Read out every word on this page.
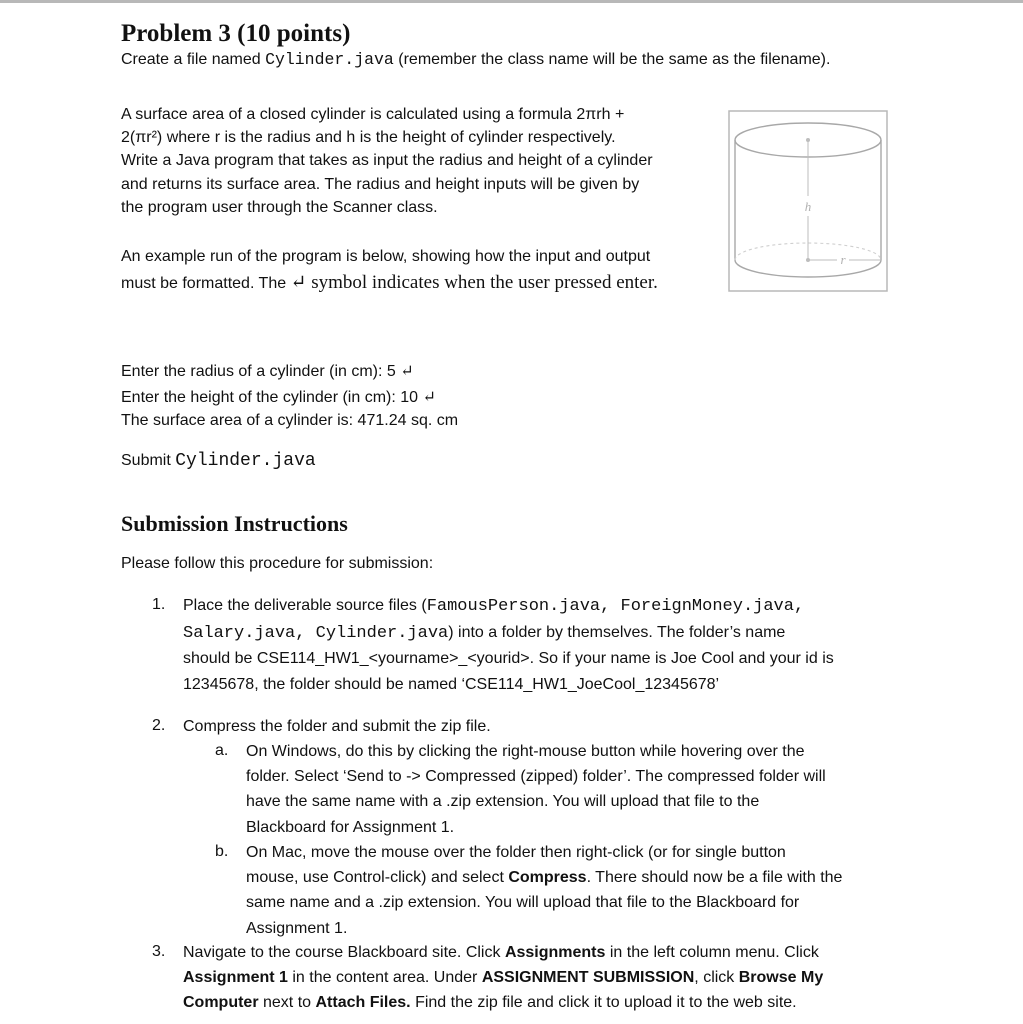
Problem 3 (10 points)
Create a file named Cylinder.java (remember the class name will be the same as the filename).
A surface area of a closed cylinder is calculated using a formula 2πrh +
2(πr²) where r is the radius and h is the height of cylinder respectively.
Write a Java program that takes as input the radius and height of a cylinder
and returns its surface area. The radius and height inputs will be given by
the program user through the Scanner class.
An example run of the program is below, showing how the input and output must be formatted. The ↵ symbol indicates when the user pressed enter.
h
r
Enter the radius of a cylinder (in cm): 5 ↵
Enter the height of the cylinder (in cm): 10 ↵
The surface area of a cylinder is: 471.24 sq. cm
Submit Cylinder.java
Submission Instructions
Please follow this procedure for submission:
1. Place the deliverable source files (FamousPerson.java, ForeignMoney.java,
Salary.java, Cylinder.java) into a folder by themselves. The folder’s name
should be CSE114_HW1_<yourname>_<yourid>. So if your name is Joe Cool and your id is
12345678, the folder should be named ‘CSE114_HW1_JoeCool_12345678’
2. Compress the folder and submit the zip file.
a. On Windows, do this by clicking the right-mouse button while hovering over the
folder. Select ‘Send to -> Compressed (zipped) folder’. The compressed folder will
have the same name with a .zip extension. You will upload that file to the
Blackboard for Assignment 1.
b. On Mac, move the mouse over the folder then right-click (or for single button
mouse, use Control-click) and select Compress. There should now be a file with the
same name and a .zip extension. You will upload that file to the Blackboard for
Assignment 1.
3. Navigate to the course Blackboard site. Click Assignments in the left column menu. Click
Assignment 1 in the content area. Under ASSIGNMENT SUBMISSION, click Browse My
Computer next to Attach Files. Find the zip file and click it to upload it to the web site.
